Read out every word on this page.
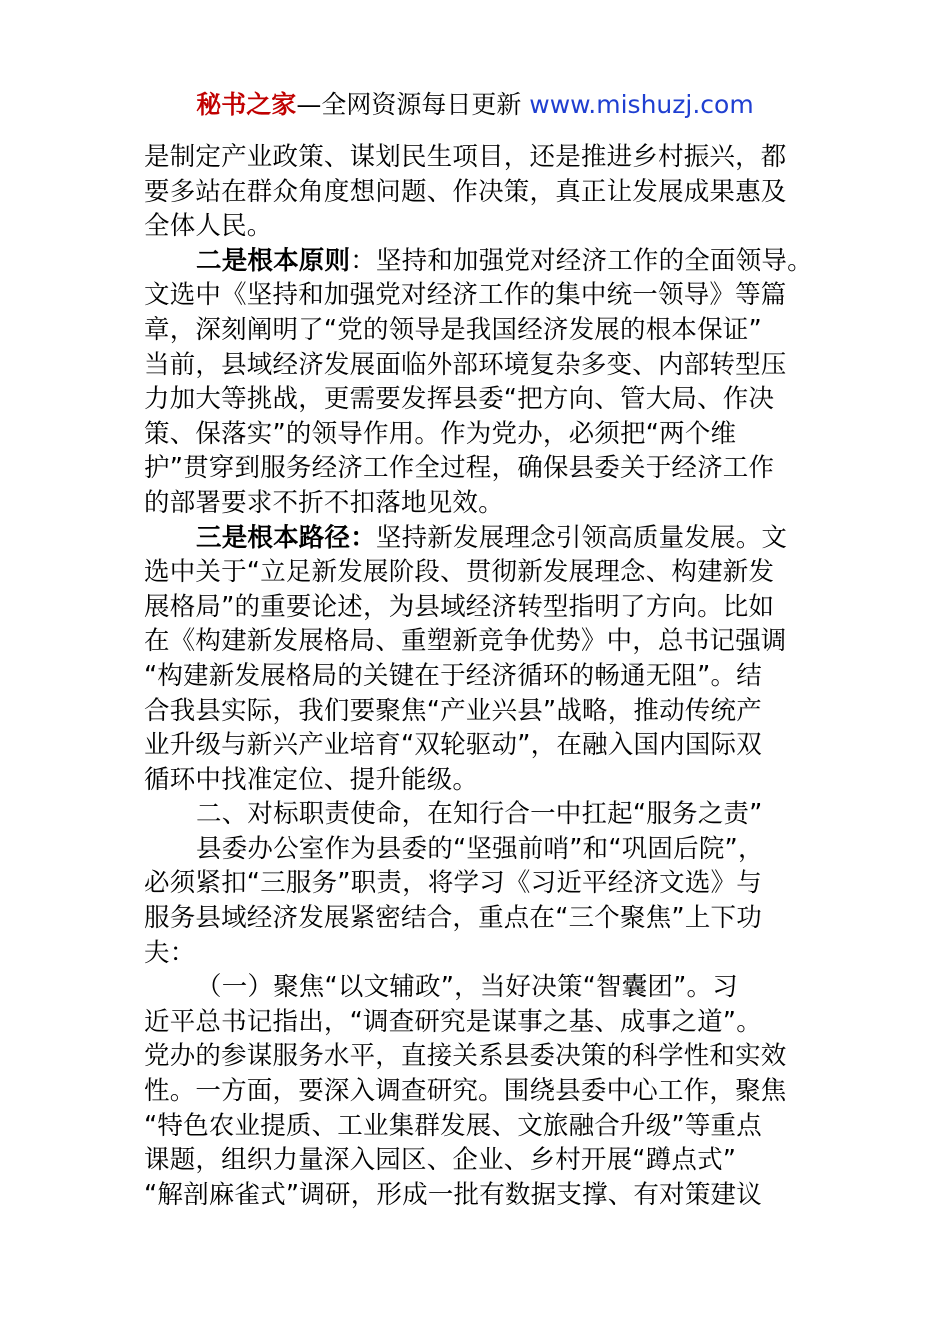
秘书之家—全网资源每日更新 www.mishuzj.com
是制定产业政策、谋划民生项目，还是推进乡村振兴，都
要多站在群众角度想问题、作决策，真正让发展成果惠及
全体人民。
二是根本原则：坚持和加强党对经济工作的全面领导。
文选中《坚持和加强党对经济工作的集中统一领导》等篇
章，深刻阐明了“党的领导是我国经济发展的根本保证”
当前，县域经济发展面临外部环境复杂多变、内部转型压
力加大等挑战，更需要发挥县委“把方向、管大局、作决
策、保落实”的领导作用。作为党办，必须把“两个维
护”贯穿到服务经济工作全过程，确保县委关于经济工作
的部署要求不折不扣落地见效。
三是根本路径：坚持新发展理念引领高质量发展。文
选中关于“立足新发展阶段、贯彻新发展理念、构建新发
展格局”的重要论述，为县域经济转型指明了方向。比如
在《构建新发展格局、重塑新竞争优势》中，总书记强调
“构建新发展格局的关键在于经济循环的畅通无阻”。结
合我县实际，我们要聚焦“产业兴县”战略，推动传统产
业升级与新兴产业培育“双轮驱动”，在融入国内国际双
循环中找准定位、提升能级。
二、对标职责使命，在知行合一中扛起“服务之责”
县委办公室作为县委的“坚强前哨”和“巩固后院”，
必须紧扣“三服务”职责，将学习《习近平经济文选》与
服务县域经济发展紧密结合，重点在“三个聚焦”上下功
夫：
（一）聚焦“以文辅政”，当好决策“智囊团”。习
近平总书记指出，“调查研究是谋事之基、成事之道”。
党办的参谋服务水平，直接关系县委决策的科学性和实效
性。一方面，要深入调查研究。围绕县委中心工作，聚焦
“特色农业提质、工业集群发展、文旅融合升级”等重点
课题，组织力量深入园区、企业、乡村开展“蹲点式”
“解剖麻雀式”调研，形成一批有数据支撑、有对策建议
